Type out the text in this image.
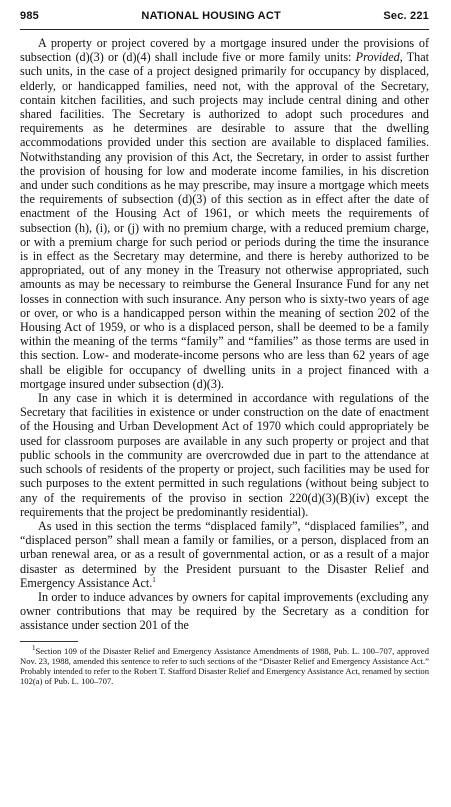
985	NATIONAL HOUSING ACT	Sec. 221

A property or project covered by a mortgage insured under the provisions of subsection (d)(3) or (d)(4) shall include five or more family units: Provided, That such units, in the case of a project designed primarily for occupancy by displaced, elderly, or handicapped families, need not, with the approval of the Secretary, contain kitchen facilities, and such projects may include central dining and other shared facilities. The Secretary is authorized to adopt such procedures and requirements as he determines are desirable to assure that the dwelling accommodations provided under this section are available to displaced families. Notwithstanding any provision of this Act, the Secretary, in order to assist further the provision of housing for low and moderate income families, in his discretion and under such conditions as he may prescribe, may insure a mortgage which meets the requirements of subsection (d)(3) of this section as in effect after the date of enactment of the Housing Act of 1961, or which meets the requirements of subsection (h), (i), or (j) with no premium charge, with a reduced premium charge, or with a premium charge for such period or periods during the time the insurance is in effect as the Secretary may determine, and there is hereby authorized to be appropriated, out of any money in the Treasury not otherwise appropriated, such amounts as may be necessary to reimburse the General Insurance Fund for any net losses in connection with such insurance. Any person who is sixty-two years of age or over, or who is a handicapped person within the meaning of section 202 of the Housing Act of 1959, or who is a displaced person, shall be deemed to be a family within the meaning of the terms “family” and “families” as those terms are used in this section. Low- and moderate-income persons who are less than 62 years of age shall be eligible for occupancy of dwelling units in a project financed with a mortgage insured under subsection (d)(3).

In any case in which it is determined in accordance with regulations of the Secretary that facilities in existence or under construction on the date of enactment of the Housing and Urban Development Act of 1970 which could appropriately be used for classroom purposes are available in any such property or project and that public schools in the community are overcrowded due in part to the attendance at such schools of residents of the property or project, such facilities may be used for such purposes to the extent permitted in such regulations (without being subject to any of the requirements of the proviso in section 220(d)(3)(B)(iv) except the requirements that the project be predominantly residential).

As used in this section the terms “displaced family”, “displaced families”, and “displaced person” shall mean a family or families, or a person, displaced from an urban renewal area, or as a result of governmental action, or as a result of a major disaster as determined by the President pursuant to the Disaster Relief and Emergency Assistance Act.$^1$

In order to induce advances by owners for capital improvements (excluding any owner contributions that may be required by the Secretary as a condition for assistance under section 201 of the

$^1$Section 109 of the Disaster Relief and Emergency Assistance Amendments of 1988, Pub. L. 100–707, approved Nov. 23, 1988, amended this sentence to refer to such sections of the “Disaster Relief and Emergency Assistance Act.” Probably intended to refer to the Robert T. Stafford Disaster Relief and Emergency Assistance Act, renamed by section 102(a) of Pub. L. 100–707.
